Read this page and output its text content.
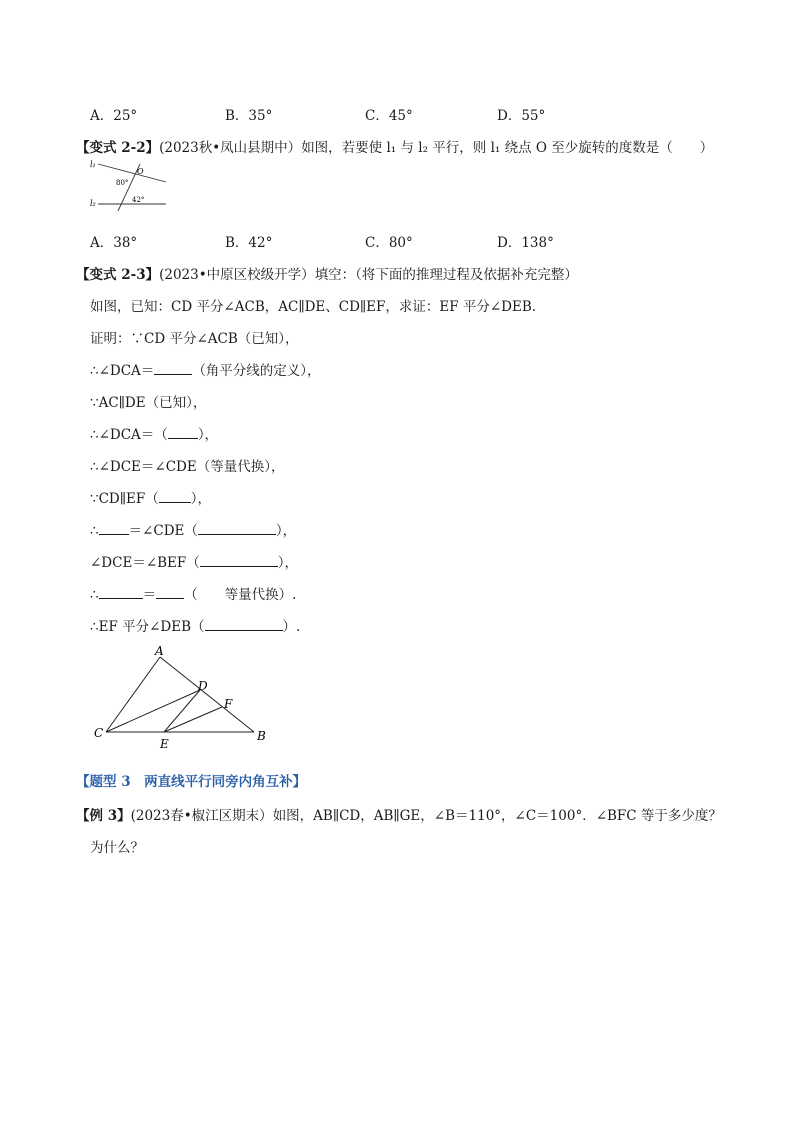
A．25°	B．35°	C．45°	D．55°
【变式 2-2】(2023秋•凤山县期中）如图，若要使 l₁ 与 l₂ 平行，则 l₁ 绕点 O 至少旋转的度数是（　　）
l₁
l₂
O
80°
42°
A．38°	B．42°	C．80°	D．138°
【变式 2-3】(2023•中原区校级开学）填空：（将下面的推理过程及依据补充完整）
如图，已知：CD 平分∠ACB，AC∥DE、CD∥EF，求证：EF 平分∠DEB.
证明：∵CD 平分∠ACB（已知），
∴∠DCA＝	（角平分线的定义），
∵AC∥DE（已知），
∴∠DCA＝（ ），
∴∠DCE＝∠CDE（等量代换），
∵CD∥EF（ ），
∴ ＝∠CDE（	），
∠DCE＝∠BEF（	），
∴	＝ （　　等量代换）.
∴EF 平分∠DEB（	）.
A
D
F
C	B
E
【题型 3　两直线平行同旁内角互补】
【例 3】(2023春•椒江区期末）如图，AB∥CD，AB∥GE，∠B＝110°，∠C＝100°．∠BFC 等于多少度？
为什么？
